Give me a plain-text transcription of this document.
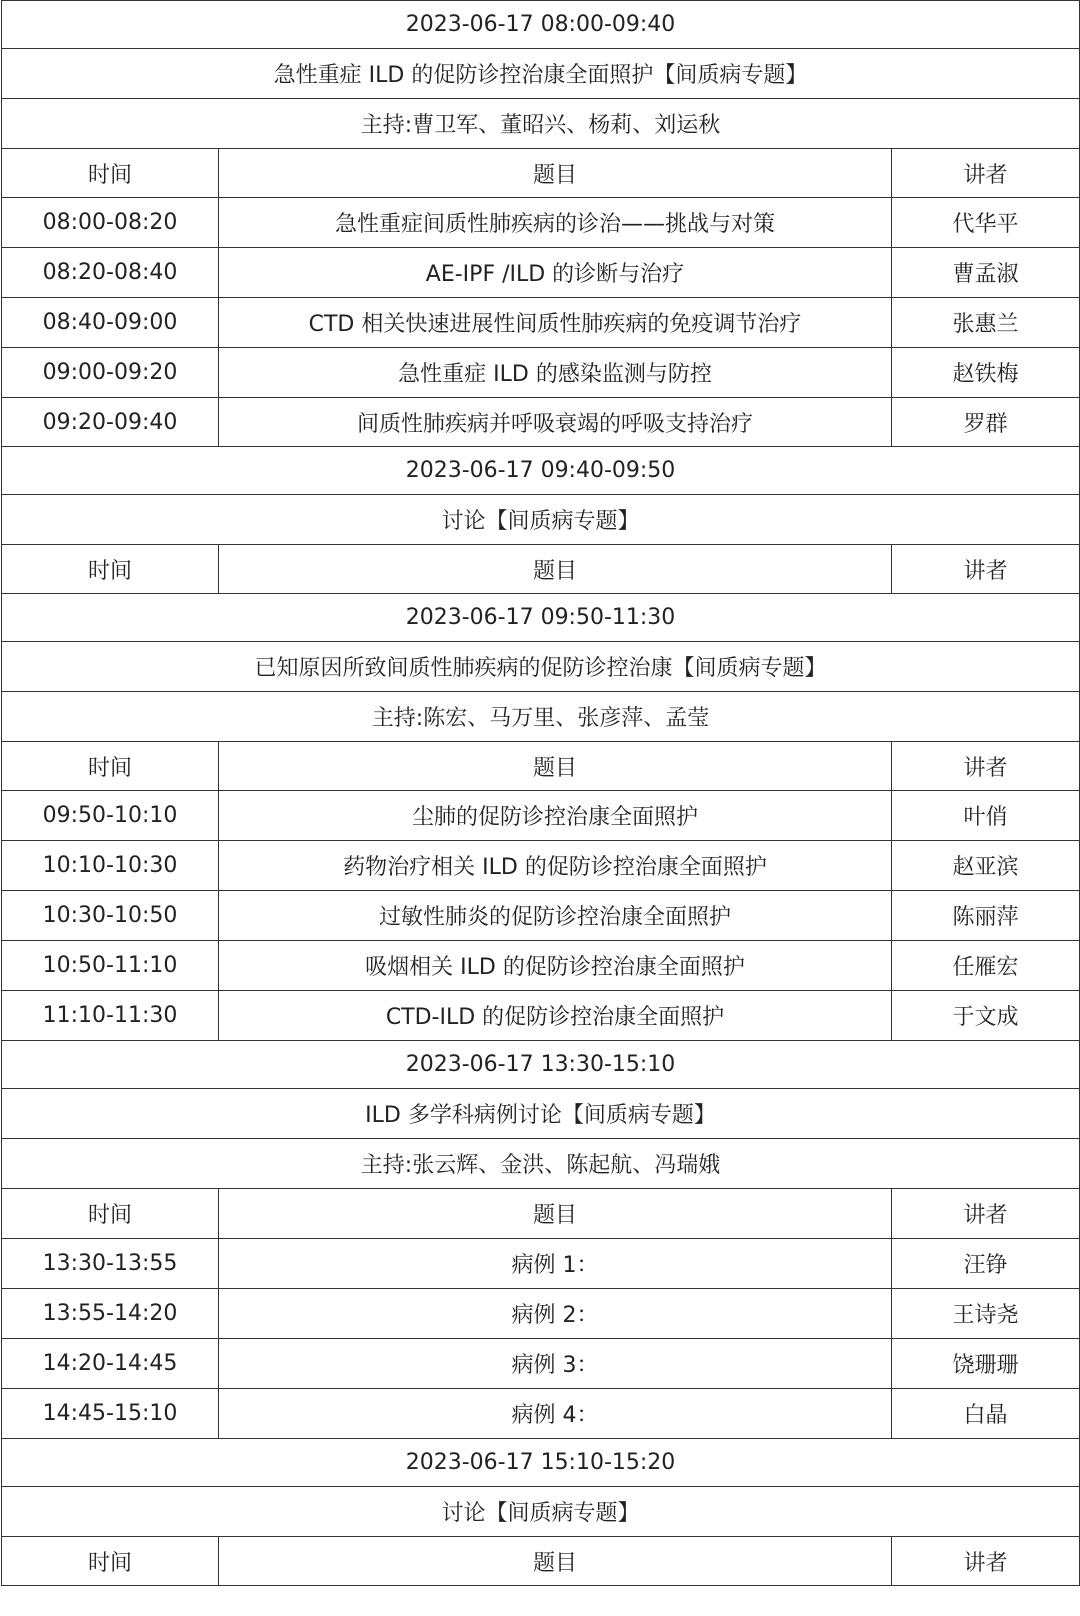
2023-06-17 08:00-09:40		
急性重症 ILD 的促防诊控治康全面照护【间质病专题】		
主持:曹卫军、董昭兴、杨莉、刘运秋		
时间	题目	讲者
08:00-08:20	急性重症间质性肺疾病的诊治——挑战与对策	代华平
08:20-08:40	AE-IPF /ILD 的诊断与治疗	曹孟淑
08:40-09:00	CTD 相关快速进展性间质性肺疾病的免疫调节治疗	张惠兰
09:00-09:20	急性重症 ILD 的感染监测与防控	赵铁梅
09:20-09:40	间质性肺疾病并呼吸衰竭的呼吸支持治疗	罗群
2023-06-17 09:40-09:50		
讨论【间质病专题】		
时间	题目	讲者
2023-06-17 09:50-11:30		
已知原因所致间质性肺疾病的促防诊控治康【间质病专题】		
主持:陈宏、马万里、张彦萍、孟莹		
时间	题目	讲者
09:50-10:10	尘肺的促防诊控治康全面照护	叶俏
10:10-10:30	药物治疗相关 ILD 的促防诊控治康全面照护	赵亚滨
10:30-10:50	过敏性肺炎的促防诊控治康全面照护	陈丽萍
10:50-11:10	吸烟相关 ILD 的促防诊控治康全面照护	任雁宏
11:10-11:30	CTD-ILD 的促防诊控治康全面照护	于文成
2023-06-17 13:30-15:10		
ILD 多学科病例讨论【间质病专题】		
主持:张云辉、金洪、陈起航、冯瑞娥		
时间	题目	讲者
13:30-13:55	病例 1：	汪铮
13:55-14:20	病例 2：	王诗尧
14:20-14:45	病例 3：	饶珊珊
14:45-15:10	病例 4：	白晶
2023-06-17 15:10-15:20		
讨论【间质病专题】		
时间	题目	讲者
